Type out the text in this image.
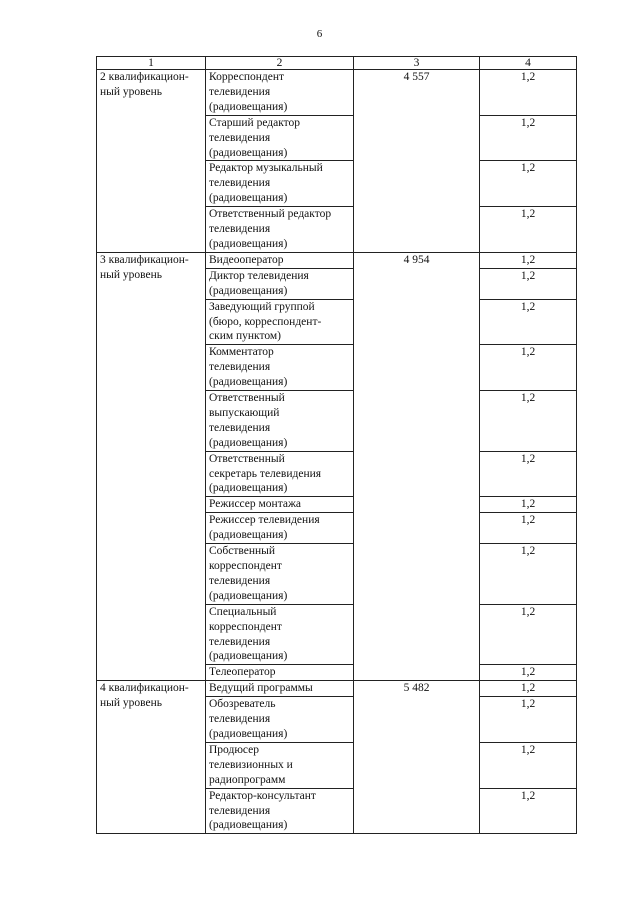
6
1	2	3	4

2 квалификацион-
ный уровень	Корреспондент
телевидения
(радиовещания)	4 557	1,2

	Старший редактор
телевидения
(радиовещания)		1,2

	Редактор музыкальный
телевидения
(радиовещания)		1,2

	Ответственный редактор
телевидения
(радиовещания)		1,2

3 квалификацион-
ный уровень	Видеооператор	4 954	1,2

	Диктор телевидения
(радиовещания)		1,2

	Заведующий группой
(бюро, корреспондент-
ским пунктом)		1,2

	Комментатор
телевидения
(радиовещания)		1,2

	Ответственный
выпускающий
телевидения
(радиовещания)		1,2

	Ответственный
секретарь телевидения
(радиовещания)		1,2

	Режиссер монтажа		1,2

	Режиссер телевидения
(радиовещания)		1,2

	Собственный
корреспондент
телевидения
(радиовещания)		1,2

	Специальный
корреспондент
телевидения
(радиовещания)		1,2

	Телеоператор		1,2

4 квалификацион-
ный уровень	Ведущий программы	5 482	1,2

	Обозреватель
телевидения
(радиовещания)		1,2

	Продюсер
телевизионных и
радиопрограмм		1,2

	Редактор-консультант
телевидения
(радиовещания)		1,2
